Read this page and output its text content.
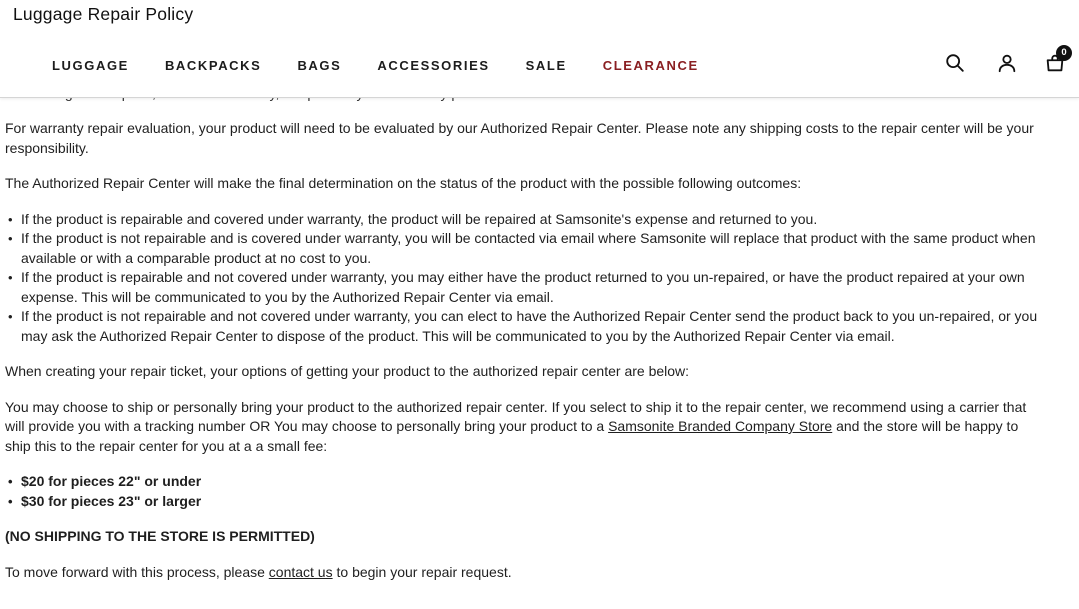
For warranty repair evaluation, your product will need to be evaluated by our Authorized Repair Center. Please note any shipping costs to the repair center will be your responsibility.

The Authorized Repair Center will make the final determination on the status of the product with the possible following outcomes:

• If the product is repairable and covered under warranty, the product will be repaired at Samsonite's expense and returned to you.
• If the product is not repairable and is covered under warranty, you will be contacted via email where Samsonite will replace that product with the same product when available or with a comparable product at no cost to you.
• If the product is repairable and not covered under warranty, you may either have the product returned to you un-repaired, or have the product repaired at your own expense. This will be communicated to you by the Authorized Repair Center via email.
• If the product is not repairable and not covered under warranty, you can elect to have the Authorized Repair Center send the product back to you un-repaired, or you may ask the Authorized Repair Center to dispose of the product. This will be communicated to you by the Authorized Repair Center via email.

When creating your repair ticket, your options of getting your product to the authorized repair center are below:

You may choose to ship or personally bring your product to the authorized repair center. If you select to ship it to the repair center, we recommend using a carrier that will provide you with a tracking number OR You may choose to personally bring your product to a Samsonite Branded Company Store and the store will be happy to ship this to the repair center for you at a a small fee:

• $20 for pieces 22" or under
• $30 for pieces 23" or larger

(NO SHIPPING TO THE STORE IS PERMITTED)

To move forward with this process, please contact us to begin your repair request.

Luggage Repair Policy
LUGGAGE	BACKPACKS	BAGS	ACCESSORIES	SALE	CLEARANCE
0
